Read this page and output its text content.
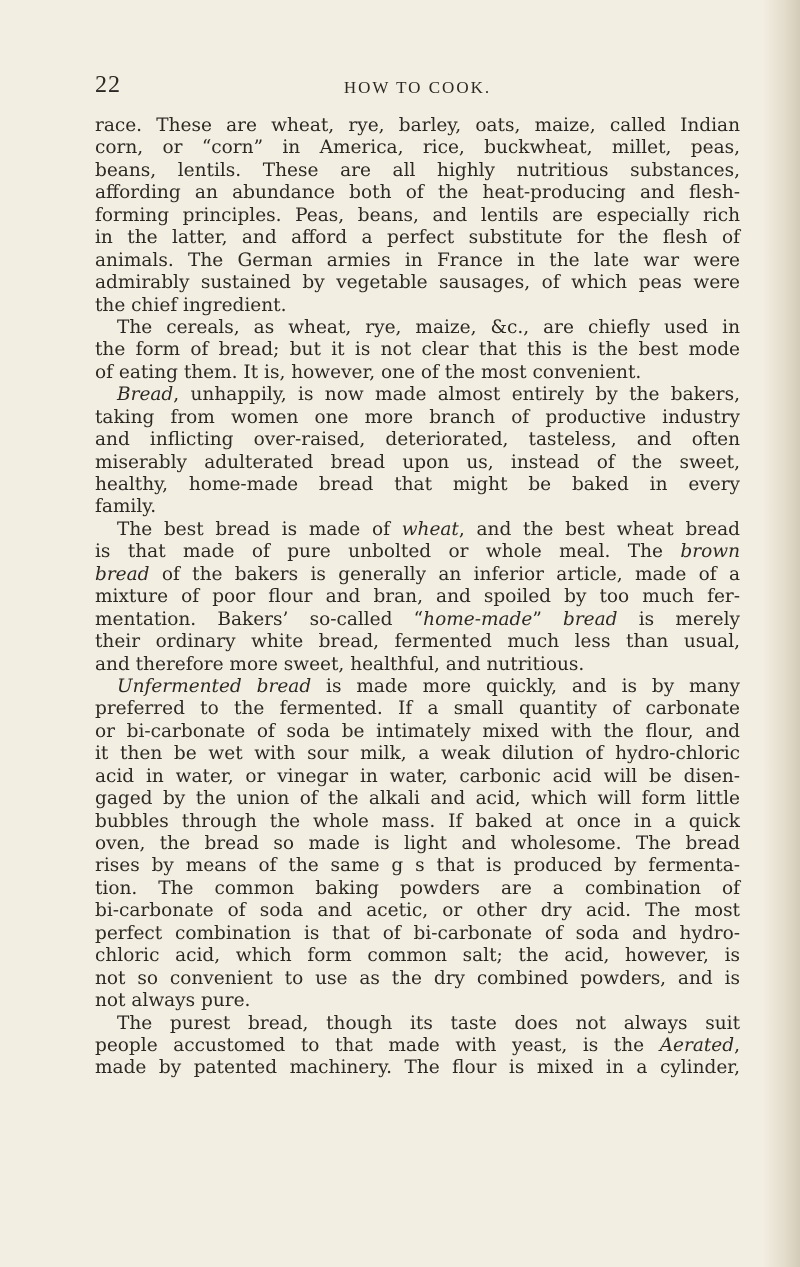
22	HOW TO COOK.
race. These are wheat, rye, barley, oats, maize, called Indian
corn, or “corn” in America, rice, buckwheat, millet, peas,
beans, lentils. These are all highly nutritious substances,
affording an abundance both of the heat-producing and flesh-
forming principles. Peas, beans, and lentils are especially rich
in the latter, and afford a perfect substitute for the flesh of
animals. The German armies in France in the late war were
admirably sustained by vegetable sausages, of which peas were
the chief ingredient.
The cereals, as wheat, rye, maize, &c., are chiefly used in
the form of bread; but it is not clear that this is the best mode
of eating them. It is, however, one of the most convenient.
Bread, unhappily, is now made almost entirely by the bakers,
taking from women one more branch of productive industry
and inflicting over-raised, deteriorated, tasteless, and often
miserably adulterated bread upon us, instead of the sweet,
healthy, home-made bread that might be baked in every
family.
The best bread is made of wheat, and the best wheat bread
is that made of pure unbolted or whole meal. The brown
bread of the bakers is generally an inferior article, made of a
mixture of poor flour and bran, and spoiled by too much fer-
mentation. Bakers’ so-called “home-made” bread is merely
their ordinary white bread, fermented much less than usual,
and therefore more sweet, healthful, and nutritious.
Unfermented bread is made more quickly, and is by many
preferred to the fermented. If a small quantity of carbonate
or bi-carbonate of soda be intimately mixed with the flour, and
it then be wet with sour milk, a weak dilution of hydro-chloric
acid in water, or vinegar in water, carbonic acid will be disen-
gaged by the union of the alkali and acid, which will form little
bubbles through the whole mass. If baked at once in a quick
oven, the bread so made is light and wholesome. The bread
rises by means of the same g s that is produced by fermenta-
tion. The common baking powders are a combination of
bi-carbonate of soda and acetic, or other dry acid. The most
perfect combination is that of bi-carbonate of soda and hydro-
chloric acid, which form common salt; the acid, however, is
not so convenient to use as the dry combined powders, and is
not always pure.
The purest bread, though its taste does not always suit
people accustomed to that made with yeast, is the Aerated,
made by patented machinery. The flour is mixed in a cylinder,
